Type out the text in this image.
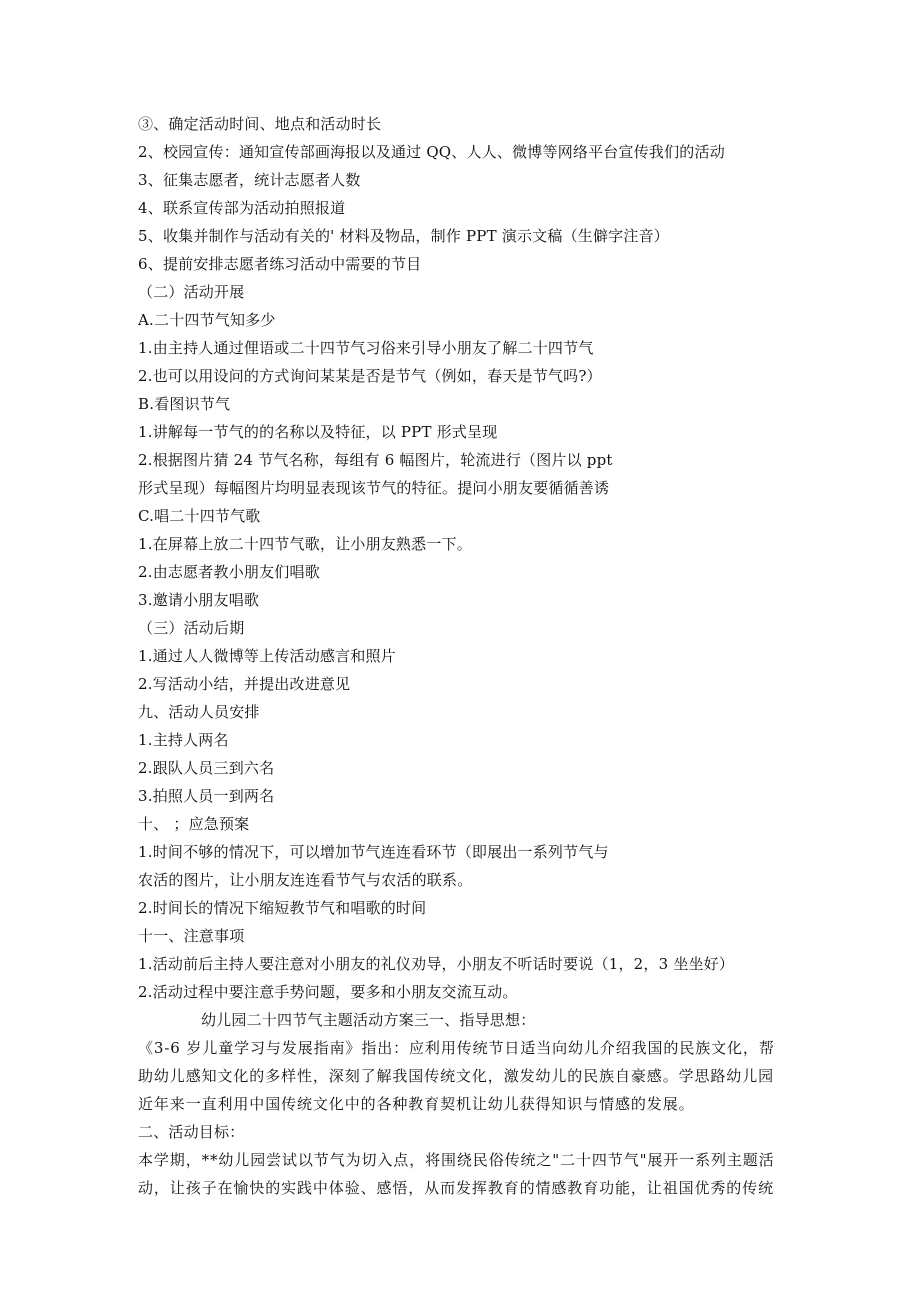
③、确定活动时间、地点和活动时长
2、校园宣传：通知宣传部画海报以及通过 QQ、人人、微博等网络平台宣传我们的活动
3、征集志愿者，统计志愿者人数
4、联系宣传部为活动拍照报道
5、收集并制作与活动有关的' 材料及物品，制作 PPT 演示文稿（生僻字注音）
6、提前安排志愿者练习活动中需要的节目
（二）活动开展
A.二十四节气知多少
1.由主持人通过俚语或二十四节气习俗来引导小朋友了解二十四节气
2.也可以用设问的方式询问某某是否是节气（例如，春天是节气吗?）
B.看图识节气
1.讲解每一节气的的名称以及特征，以 PPT 形式呈现
2.根据图片猜 24 节气名称，每组有 6 幅图片，轮流进行（图片以 ppt
形式呈现）每幅图片均明显表现该节气的特征。提问小朋友要循循善诱
C.唱二十四节气歌
1.在屏幕上放二十四节气歌，让小朋友熟悉一下。
2.由志愿者教小朋友们唱歌
3.邀请小朋友唱歌
（三）活动后期
1.通过人人微博等上传活动感言和照片
2.写活动小结，并提出改进意见
九、活动人员安排
1.主持人两名
2.跟队人员三到六名
3.拍照人员一到两名
十、 ；应急预案
1.时间不够的情况下，可以增加节气连连看环节（即展出一系列节气与
农活的图片，让小朋友连连看节气与农活的联系。
2.时间长的情况下缩短教节气和唱歌的时间
十一、注意事项
1.活动前后主持人要注意对小朋友的礼仪劝导，小朋友不听话时要说（1，2，3 坐坐好）
2.活动过程中要注意手势问题，要多和小朋友交流互动。
幼儿园二十四节气主题活动方案三一、指导思想：
《3-6 岁儿童学习与发展指南》指出：应利用传统节日适当向幼儿介绍我国的民族文化，帮
助幼儿感知文化的多样性，深刻了解我国传统文化，激发幼儿的民族自豪感。学思路幼儿园
近年来一直利用中国传统文化中的各种教育契机让幼儿获得知识与情感的发展。
二、活动目标：
本学期，**幼儿园尝试以节气为切入点，将围绕民俗传统之"二十四节气"展开一系列主题活
动，让孩子在愉快的实践中体验、感悟，从而发挥教育的情感教育功能，让祖国优秀的传统
